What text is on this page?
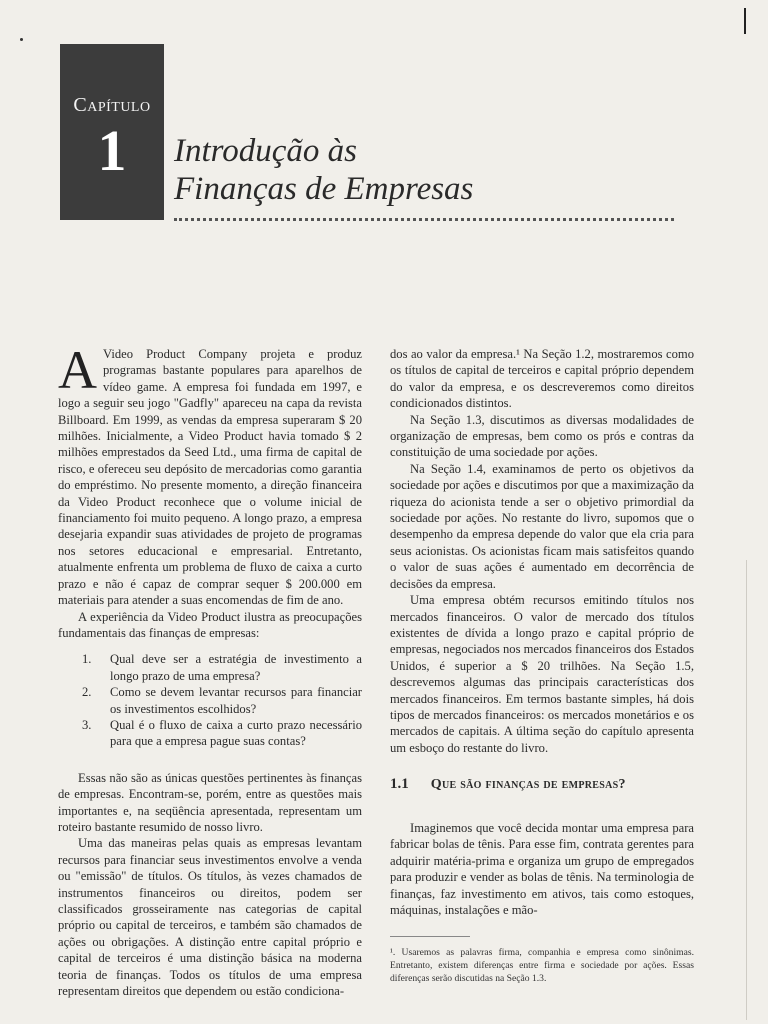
Capítulo
1	Introdução às
Finanças de Empresas

A Video Product Company projeta e produz programas bastante populares para aparelhos de vídeo game. A empresa foi fundada em 1997, e logo a seguir seu jogo "Gadfly" apareceu na capa da revista Billboard. Em 1999, as vendas da empresa superaram $ 20 milhões. Inicialmente, a Video Product havia tomado $ 2 milhões emprestados da Seed Ltd., uma firma de capital de risco, e ofereceu seu depósito de mercadorias como garantia do empréstimo. No presente momento, a direção financeira da Video Product reconhece que o volume inicial de financiamento foi muito pequeno. A longo prazo, a empresa desejaria expandir suas atividades de projeto de programas nos setores educacional e empresarial. Entretanto, atualmente enfrenta um problema de fluxo de caixa a curto prazo e não é capaz de comprar sequer $ 200.000 em materiais para atender a suas encomendas de fim de ano.

A experiência da Video Product ilustra as preocupações fundamentais das finanças de empresas:

1.	Qual deve ser a estratégia de investimento a longo prazo de uma empresa?
2.	Como se devem levantar recursos para financiar os investimentos escolhidos?
3.	Qual é o fluxo de caixa a curto prazo necessário para que a empresa pague suas contas?

Essas não são as únicas questões pertinentes às finanças de empresas. Encontram-se, porém, entre as questões mais importantes e, na seqüência apresentada, representam um roteiro bastante resumido de nosso livro.

Uma das maneiras pelas quais as empresas levantam recursos para financiar seus investimentos envolve a venda ou "emissão" de títulos. Os títulos, às vezes chamados de instrumentos financeiros ou direitos, podem ser classificados grosseiramente nas categorias de capital próprio ou capital de terceiros, e também são chamados de ações ou obrigações. A distinção entre capital próprio e capital de terceiros é uma distinção básica na moderna teoria de finanças. Todos os títulos de uma empresa representam direitos que dependem ou estão condiciona-

dos ao valor da empresa.¹ Na Seção 1.2, mostraremos como os títulos de capital de terceiros e capital próprio dependem do valor da empresa, e os descreveremos como direitos condicionados distintos.

Na Seção 1.3, discutimos as diversas modalidades de organização de empresas, bem como os prós e contras da constituição de uma sociedade por ações.

Na Seção 1.4, examinamos de perto os objetivos da sociedade por ações e discutimos por que a maximização da riqueza do acionista tende a ser o objetivo primordial da sociedade por ações. No restante do livro, supomos que o desempenho da empresa depende do valor que ela cria para seus acionistas. Os acionistas ficam mais satisfeitos quando o valor de suas ações é aumentado em decorrência de decisões da empresa.

Uma empresa obtém recursos emitindo títulos nos mercados financeiros. O valor de mercado dos títulos existentes de dívida a longo prazo e capital próprio de empresas, negociados nos mercados financeiros dos Estados Unidos, é superior a $ 20 trilhões. Na Seção 1.5, descrevemos algumas das principais características dos mercados financeiros. Em termos bastante simples, há dois tipos de mercados financeiros: os mercados monetários e os mercados de capitais. A última seção do capítulo apresenta um esboço do restante do livro.

1.1 Que são finanças de empresas?

Imaginemos que você decida montar uma empresa para fabricar bolas de tênis. Para esse fim, contrata gerentes para adquirir matéria-prima e organiza um grupo de empregados para produzir e vender as bolas de tênis. Na terminologia de finanças, faz investimento em ativos, tais como estoques, máquinas, instalações e mão-

¹. Usaremos as palavras firma, companhia e empresa como sinônimas. Entretanto, existem diferenças entre firma e sociedade por ações. Essas diferenças serão discutidas na Seção 1.3.
